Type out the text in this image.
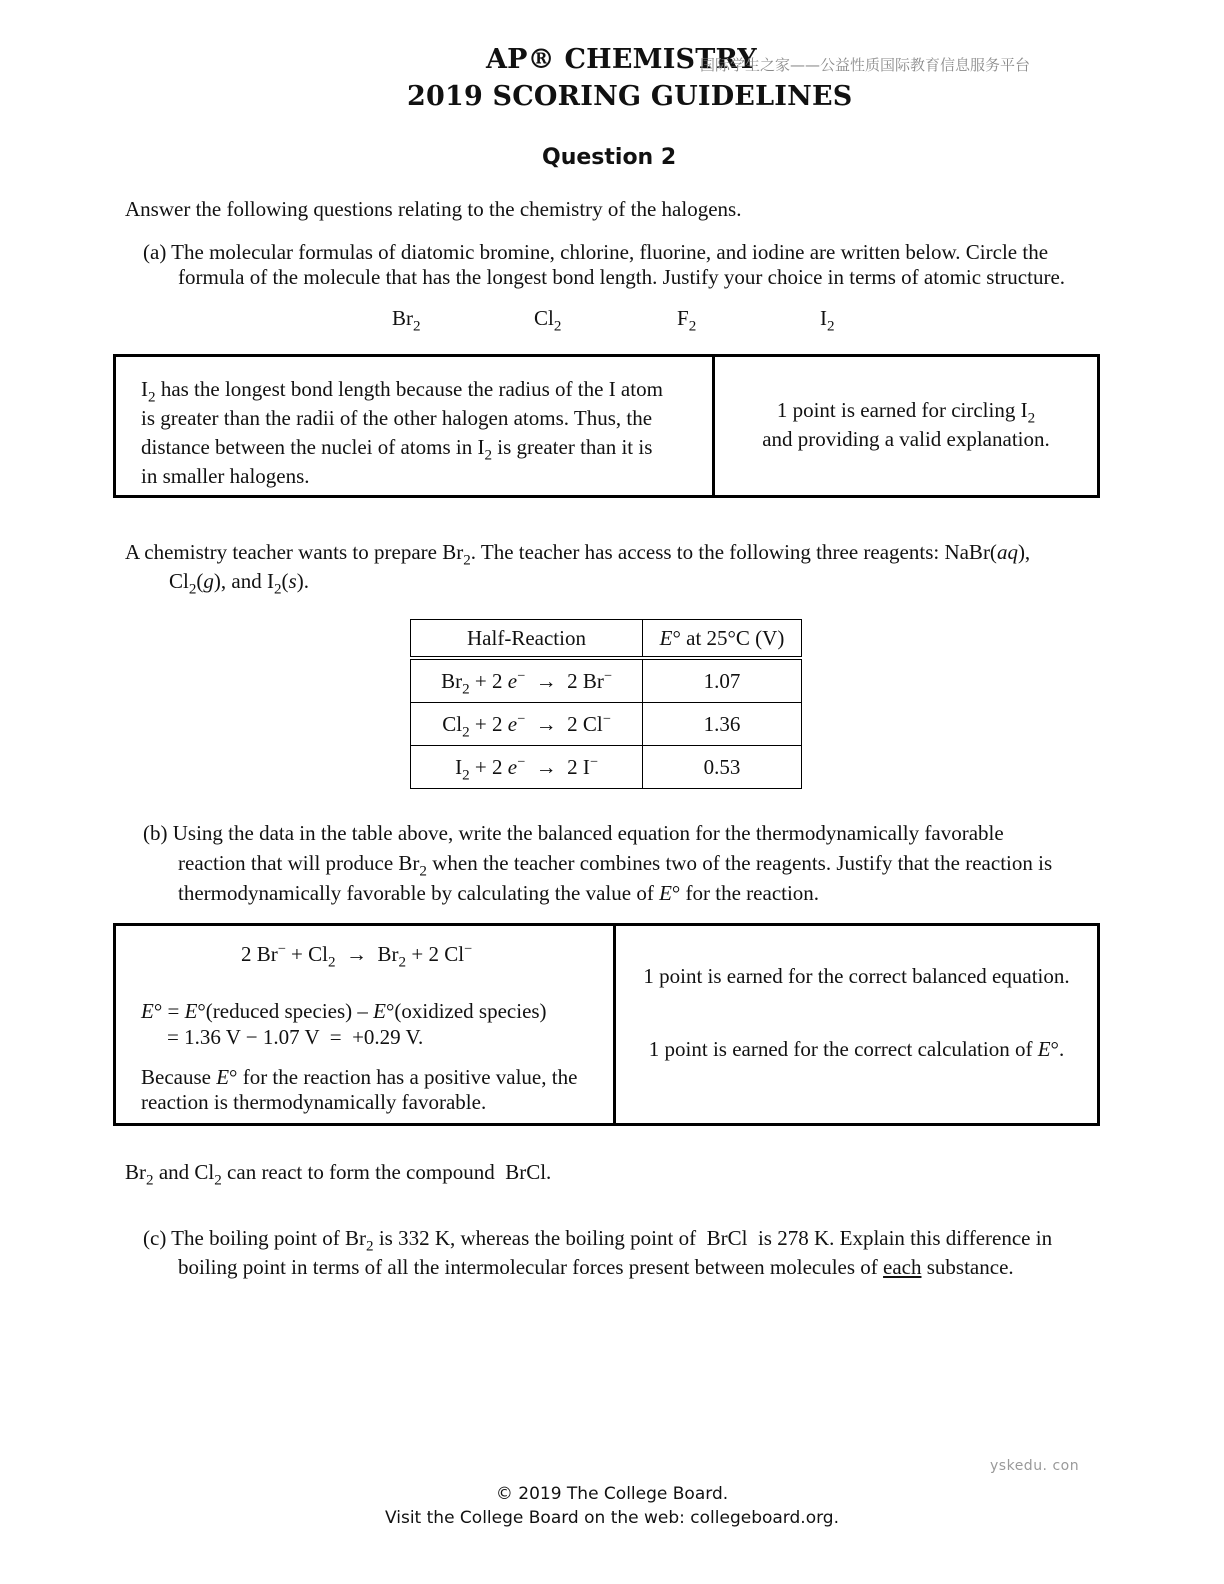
AP® CHEMISTRY
国际学生之家——公益性质国际教育信息服务平台
2019 SCORING GUIDELINES
Question 2
Answer the following questions relating to the chemistry of the halogens.
(a) The molecular formulas of diatomic bromine, chlorine, fluorine, and iodine are written below. Circle the
formula of the molecule that has the longest bond length. Justify your choice in terms of atomic structure.
$Br_2$	$Cl_2$	$F_2$	$I_2$
$I_2$ has the longest bond length because the radius of the I atom
is greater than the radii of the other halogen atoms. Thus, the
distance between the nuclei of atoms in $I_2$ is greater than it is
in smaller halogens.
1 point is earned for circling $I_2$
and providing a valid explanation.
A chemistry teacher wants to prepare $Br_2$. The teacher has access to the following three reagents: NaBr(aq),
$Cl_2(g)$, and $I_2(s)$.
Half-Reaction	E° at 25°C (V)
$Br_2 + 2$ e−  →  2 Br−	1.07
$Cl_2 + 2$ e−  →  2 Cl−	1.36
$I_2 + 2$ e−  →  2 I−	0.53
(b) Using the data in the table above, write the balanced equation for the thermodynamically favorable
reaction that will produce $Br_2$ when the teacher combines two of the reagents. Justify that the reaction is
thermodynamically favorable by calculating the value of E° for the reaction.
2 $Br^- + Cl_2 \to Br_2 + 2$ Cl−
E° = E°(reduced species) – E°(oxidized species)
= 1.36 V − 1.07 V  =  +0.29 V.
Because E° for the reaction has a positive value, the
reaction is thermodynamically favorable.
1 point is earned for the correct balanced equation.
1 point is earned for the correct calculation of E°.
$Br_2$ and $Cl_2$ can react to form the compound  BrCl.
(c) The boiling point of $Br_2$ is 332 K, whereas the boiling point of  BrCl  is 278 K. Explain this difference in
boiling point in terms of all the intermolecular forces present between molecules of each substance.
yskedu. con
© 2019 The College Board.
Visit the College Board on the web: collegeboard.org.
